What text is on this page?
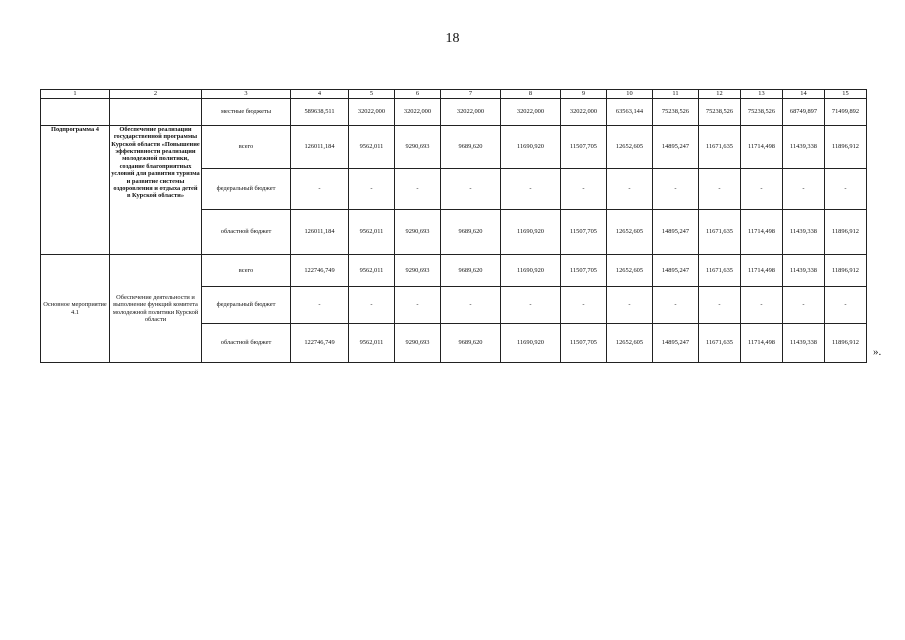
18
1	2	3	4	5	6	7	8	9	10	11	12	13	14	15
		местные бюджеты	589638,511	32022,000	32022,000	32022,000	32022,000	32022,000	63563,144	75238,526	75238,526	75238,526	68749,897	71499,892
Подпрограмма 4	Обеспечение реализации государственной программы Курской области «Повышение эффективности реализации молодежной политики, создание благоприятных условий для развития туризма и развитие системы оздоровления и отдыха детей в Курской области»	всего	126011,184	9562,011	9290,693	9689,620	11690,920	11507,705	12652,605	14895,247	11671,635	11714,498	11439,338	11896,912
		федеральный бюджет	-	-	-	-	-	-	-	-	-	-	-	-
		областной бюджет	126011,184	9562,011	9290,693	9689,620	11690,920	11507,705	12652,605	14895,247	11671,635	11714,498	11439,338	11896,912
Основное мероприятие 4.1	Обеспечение деятельности и выполнение функций комитета молодежной политики Курской области	всего	122746,749	9562,011	9290,693	9689,620	11690,920	11507,705	12652,605	14895,247	11671,635	11714,498	11439,338	11896,912
		федеральный бюджет	-	-	-	-	-	-	-	-	-	-	-	-
		областной бюджет	122746,749	9562,011	9290,693	9689,620	11690,920	11507,705	12652,605	14895,247	11671,635	11714,498	11439,338	11896,912
».
